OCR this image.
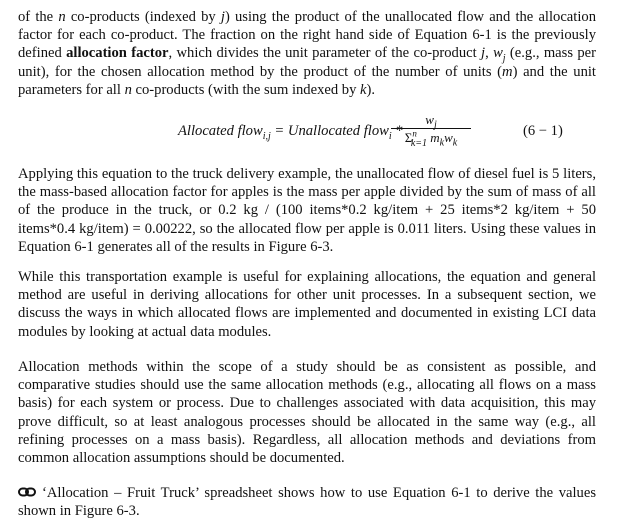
of the n co-products (indexed by j) using the product of the unallocated flow and the allocation factor for each co-product. The fraction on the right hand side of Equation 6-1 is the previously defined allocation factor, which divides the unit parameter of the co-product j, $w_j$ (e.g., mass per unit), for the chosen allocation method by the product of the number of units (m) and the unit parameters for all n co-products (with the sum indexed by k).

Allocated flow$_{i,j}$ = Unallocated flow$_i$ *
$w_j$
$\Sigma^n_{k=1}$ $m_kw_k$
(6 − 1)

Applying this equation to the truck delivery example, the unallocated flow of diesel fuel is 5 liters, the mass-based allocation factor for apples is the mass per apple divided by the sum of mass of all of the produce in the truck, or 0.2 kg / (100 items*0.2 kg/item + 25 items*2 kg/item + 50 items*0.4 kg/item) = 0.00222, so the allocated flow per apple is 0.011 liters. Using these values in Equation 6-1 generates all of the results in Figure 6-3.

While this transportation example is useful for explaining allocations, the equation and general method are useful in deriving allocations for other unit processes. In a subsequent section, we discuss the ways in which allocated flows are implemented and documented in existing LCI data modules by looking at actual data modules.

Allocation methods within the scope of a study should be as consistent as possible, and comparative studies should use the same allocation methods (e.g., allocating all flows on a mass basis) for each system or process. Due to challenges associated with data acquisition, this may prove difficult, so at least analogous processes should be allocated in the same way (e.g., all refining processes on a mass basis). Regardless, all allocation methods and deviations from common allocation assumptions should be documented.

‘Allocation – Fruit Truck’ spreadsheet shows how to use Equation 6-1 to derive the values shown in Figure 6-3.
